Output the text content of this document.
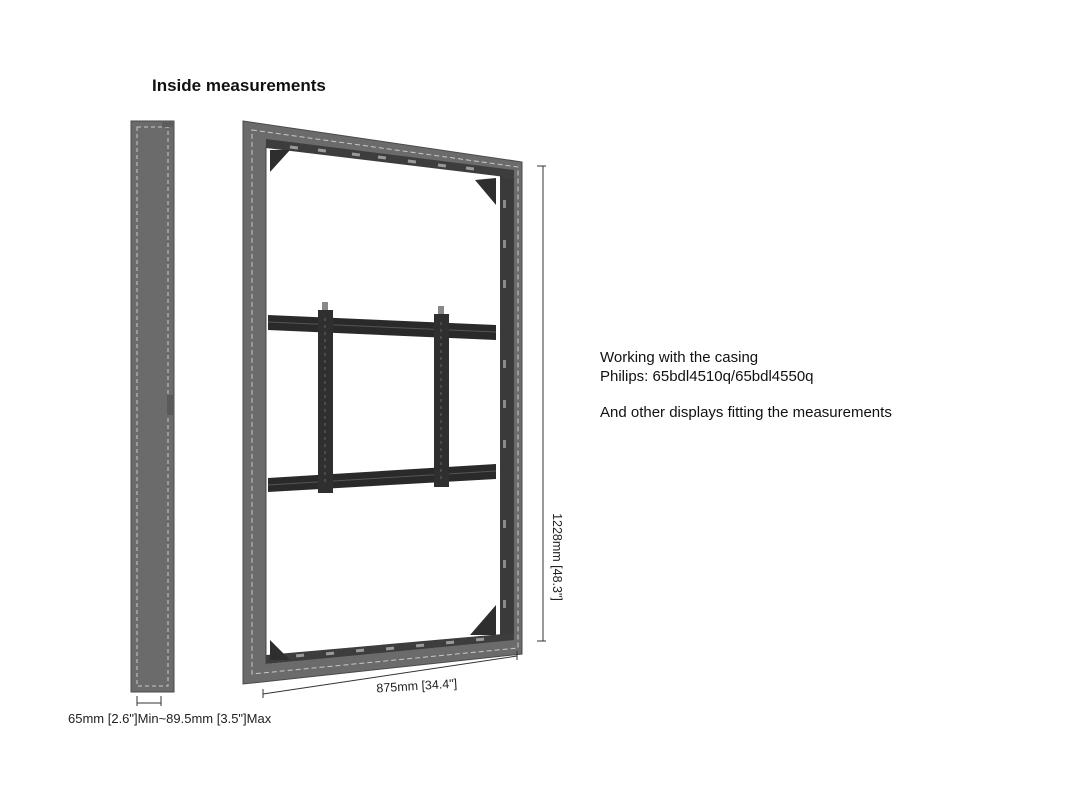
Inside measurements
875mm [34.4"]
1228mm [48.3"]
Working with the casing
Philips: 65bdl4510q/65bdl4550q
And other displays fitting the measurements
65mm [2.6"]Min~89.5mm [3.5"]Max
